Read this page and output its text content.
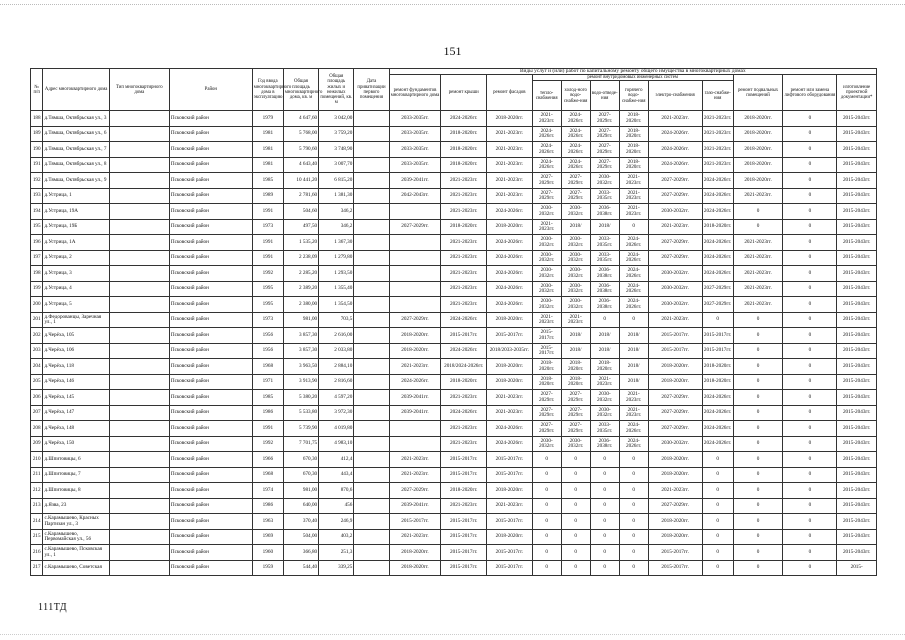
151
№ п/п	Адрес многоквартирного дома	Тип многоквартирного дома	Район	Год ввода многоквартирного дома в эксплуатацию	Общая площадь многоквартирного дома, кв. м	Общая площадь жилых и нежилых помещений, кв. м	Дата приватизации первого помещения	Виды услуг и (или) работ по капитальному ремонту общего имущества в многоквартирных домах											
								ремонт фундаментов многоквартирного дома	ремонт крыши	ремонт фасадов	ремонт внутридомовых инженерных систем						ремонт подвальных помещений	ремонт или замена лифтового оборудования	изготовление проектной документации*
											тепло-снабжения	холод-ного водо-снабже-ния	водо-отведе-ния	горячего водо-снабже-ния	электро-снабжения	газо-снабже-ния			
188	д.Тямша, Октябрьская ул., 3		Псковский район	1979	4 647,60	3 042,00		2033-2035гг.	2024-2026гг.	2018-2020гг.	2021-2023гг.	2024-2026гг.	2027-2029гг.	2018-2020гг.	2021-2023гг.	2021-2023гг.	2018-2020гг.	0	2015-2043гг.
189	д.Тямша, Октябрьская ул., 6		Псковский район	1981	5 768,00	3 759,20		2033-2035гг.	2018-2020гг.	2021-2023гг.	2024-2026гг.	2024-2026гг.	2027-2029гг.	2018-2020гг.	2024-2026гг.	2021-2023гг.	2018-2020гг.	0	2015-2043гг.
190	д.Тямша, Октябрьская ул., 7		Псковский район	1981	5 790,60	3 748,90		2033-2035гг.	2018-2020гг.	2021-2023гг.	2024-2026гг.	2024-2026гг.	2027-2029гг.	2018-2020гг.	2024-2026гг.	2021-2023гг.	2018-2020гг.	0	2015-2043гг.
191	д.Тямша, Октябрьская ул., 8		Псковский район	1981	4 643,40	3 007,70		2033-2035гг.	2018-2020гг.	2021-2023гг.	2024-2026гг.	2024-2026гг.	2027-2029гг.	2018-2020гг.	2024-2026гг.	2021-2023гг.	2018-2020гг.	0	2015-2043гг.
192	д.Тямша, Октябрьская ул., 9		Псковский район	1985	10 441,20	6 815,20		2039-2041гг.	2021-2023гг.	2021-2023гг.	2027-2029гг.	2027-2029гг.	2030-2032гг.	2021-2023гг.	2027-2029гг.	2024-2026гг.	2018-2020гг.	0	2015-2043гг.
193	д.Устрица, 1		Псковский район	1989	2 781,60	1 381,30		2042-2043гг.	2021-2023гг.	2021-2023гг.	2027-2029гг.	2027-2029гг.	2033-2035гг.	2021-2023гг.	2027-2029гг.	2024-2026гг.	2021-2023гг.	0	2015-2043гг.
194	д.Устрица, 19А		Псковский район	1991	504,60	346,2			2021-2023гг.	2024-2026гг.	2030-2032гг.	2030-2032гг.	2036-2038гг.	2021-2023гг.	2030-2032гг.	2024-2026гг.	0	0	2015-2043гг.
195	д.Устрица, 19Б		Псковский район	1973	497,50	346,2		2027-2029гг.	2018-2020гг.	2018-2020гг.	2021-2023гг.	2018/	2018/	0	2021-2023гг.	2018-2020гг.	0	0	2015-2043гг.
196	д.Устрица, 1А		Псковский район	1991	1 535,20	1 367,30			2021-2023гг.	2024-2026гг.	2030-2032гг.	2030-2032гг.	2033-2035гг.	2024-2026гг.	2027-2029гг.	2024-2026гг.	2021-2023гг.	0	2015-2043гг.
197	д.Устрица, 2		Псковский район	1991	2 238,09	1 279,80			2021-2023гг.	2024-2026гг.	2030-2032гг.	2030-2032гг.	2033-2035гг.	2024-2026гг.	2027-2029гг.	2024-2026гг.	2021-2023гг.	0	2015-2043гг.
198	д.Устрица, 3		Псковский район	1992	2 285,20	1 293,50			2021-2023гг.	2024-2026гг.	2030-2032гг.	2030-2032гг.	2036-2038гг.	2024-2026гг.	2030-2032гг.	2024-2026гг.	2021-2023гг.	0	2015-2043гг.
199	д.Устрица, 4		Псковский район	1995	2 389,20	1 355,40			2021-2023гг.	2024-2026гг.	2030-2032гг.	2030-2032гг.	2036-2038гг.	2024-2026гг.	2030-2032гг.	2027-2029гг.	2021-2023гг.	0	2015-2043гг.
200	д.Устрица, 5		Псковский район	1995	2 380,00	1 354,50			2021-2023гг.	2024-2026гг.	2030-2032гг.	2030-2032гг.	2036-2038гг.	2024-2026гг.	2030-2032гг.	2027-2029гг.	2021-2023гг.	0	2015-2043гг.
201	д.Федорованцы, Заречная ул., 1		Псковский район	1973	981,00	703,5		2027-2029гг.	2024-2026гг.	2018-2020гг.	2021-2023гг.	2021-2023гг.	0	0	2021-2023гг.	0	0	0	2015-2043гг.
202	д.Черёха, 105		Псковский район	1956	3 857,30	2 616,00		2018-2020гг.	2015-2017гг.	2015-2017гг.	2015-2017гг.	2018/	2018/	2018/	2015-2017гг.	2015-2017гг.	0	0	2015-2043гг.
203	д.Черёха, 106		Псковский район	1956	3 857,30	2 033,80		2018-2020гг.	2024-2026гг.	2018/2033-2035гг.	2015-2017гг.	2018/	2018/	2018/	2015-2017гг.	2015-2017гг.	0	0	2015-2043гг.
204	д.Черёха, 118		Псковский район	1968	3 963,50	2 884,10		2021-2023гг.	2018/2024-2026гг.	2018-2020гг.	2018-2020гг.	2018-2020гг.	2018-2020гг.	2018/	2018-2020гг.	2018-2020гг.	0	0	2015-2043гг.
205	д.Черёха, 146		Псковский район	1971	3 913,90	2 816,60		2024-2026гг.	2018-2020гг.	2018-2020гг.	2018-2020гг.	2018-2020гг.	2021-2023гг.	2018/	2018-2020гг.	2018-2020гг.	0	0	2015-2043гг.
206	д.Черёха, 145		Псковский район	1985	5 380,20	4 597,20		2039-2041гг.	2021-2023гг.	2021-2023гг.	2027-2029гг.	2027-2029гг.	2030-2032гг.	2021-2023гг.	2027-2029гг.	2024-2026гг.	0	0	2015-2043гг.
207	д.Черёха, 147		Псковский район	1986	5 533,80	3 972,30		2039-2041гг.	2024-2026гг.	2021-2023гг.	2027-2029гг.	2027-2029гг.	2030-2032гг.	2021-2023гг.	2027-2029гг.	2024-2026гг.	0	0	2015-2043гг.
208	д.Черёха, 148		Псковский район	1991	5 739,90	4 019,80			2021-2023гг.	2024-2026гг.	2027-2029гг.	2027-2029гг.	2033-2035гг.	2024-2026гг.	2027-2029гг.	2024-2026гг.	0	0	2015-2043гг.
209	д.Черёха, 150		Псковский район	1992	7 701,75	4 983,10			2021-2023гг.	2024-2026гг.	2030-2032гг.	2030-2032гг.	2036-2038гг.	2024-2026гг.	2030-2032гг.	2024-2026гг.	0	0	2015-2043гг.
210	д.Шпитовицы, 6		Псковский район	1966	670,30	412,4		2021-2023гг.	2015-2017гг.	2015-2017гг.	0	0	0	0	2018-2020гг.	0	0	0	2015-2043гг.
211	д.Шпитовицы, 7		Псковский район	1968	670,30	443,4		2021-2023гг.	2015-2017гг.	2015-2017гг.	0	0	0	0	2018-2020гг.	0	0	0	2015-2043гг.
212	д.Шпитовицы, 8		Псковский район	1974	981,00	870,6		2027-2029гг.	2018-2020гг.	2018-2020гг.	0	0	0	0	2021-2023гг.	0	0	0	2015-2043гг.
213	д.Язва, 23		Псковский район	1986	640,00	456		2039-2041гг.	2021-2023гг.	2021-2023гг.	0	0	0	0	2027-2029гг.	0	0	0	2015-2043гг.
214	с.Карамышево, Красных Партизан ул., 3		Псковский район	1963	370,40	246,9		2015-2017гг.	2015-2017гг.	2015-2017гг.	0	0	0	0	2018-2020гг.	0	0	0	2015-2043гг.
215	с.Карамышево, Первомайская ул., 56		Псковский район	1969	504,00	403,2		2021-2023гг.	2015-2017гг.	2018-2020гг.	0	0	0	0	2018-2020гг.	0	0	0	2015-2043гг.
216	с.Карамышево, Псковская ул., 1		Псковский район	1960	366,80	251,3		2018-2020гг.	2015-2017гг.	2015-2017гг.	0	0	0	0	2015-2017гг.	0	0	0	2015-2043гг.
217	с.Карамышево, Советская		Псковский район	1959	544,40	339,25		2018-2020гг.	2015-2017гг.	2015-2017гг.	0	0	0	0	2015-2017гг.	0	0	0	2015-
111ТД
